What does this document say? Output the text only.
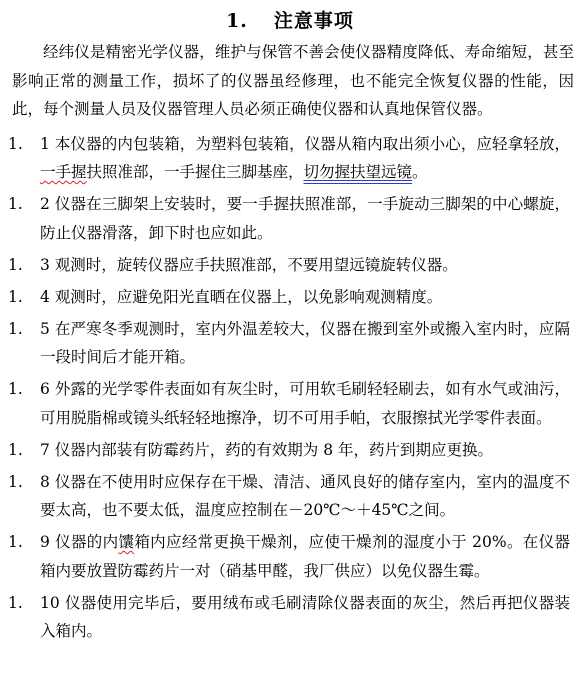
1. 注意事项

经纬仪是精密光学仪器，维护与保管不善会使仪器精度降低、寿命缩短，甚至影响正常的测量工作，损坏了的仪器虽经修理，也不能完全恢复仪器的性能，因此，每个测量人员及仪器管理人员必须正确使仪器和认真地保管仪器。

1.	1 本仪器的内包装箱，为塑料包装箱，仪器从箱内取出须小心，应轻拿轻放，一手握扶照准部，一手握住三脚基座，切勿握扶望远镜。
1.	2 仪器在三脚架上安装时，要一手握扶照准部，一手旋动三脚架的中心螺旋，防止仪器滑落，卸下时也应如此。
1.	3 观测时，旋转仪器应手扶照准部，不要用望远镜旋转仪器。
1.	4 观测时，应避免阳光直晒在仪器上，以免影响观测精度。
1.	5 在严寒冬季观测时，室内外温差较大，仪器在搬到室外或搬入室内时，应隔一段时间后才能开箱。
1.	6 外露的光学零件表面如有灰尘时，可用软毛刷轻轻刷去，如有水气或油污，可用脱脂棉或镜头纸轻轻地擦净，切不可用手帕，衣服擦拭光学零件表面。
1.	7 仪器内部装有防霉药片，药的有效期为 8 年，药片到期应更换。
1.	8 仪器在不使用时应保存在干燥、清洁、通风良好的储存室内，室内的温度不要太高，也不要太低，温度应控制在－20℃～＋45℃之间。
1.	9 仪器的内馕箱内应经常更换干燥剂，应使干燥剂的湿度小于 20%。在仪器箱内要放置防霉药片一对（硝基甲醛，我厂供应）以免仪器生霉。
1.	10 仪器使用完毕后，要用绒布或毛刷清除仪器表面的灰尘，然后再把仪器装入箱内。
